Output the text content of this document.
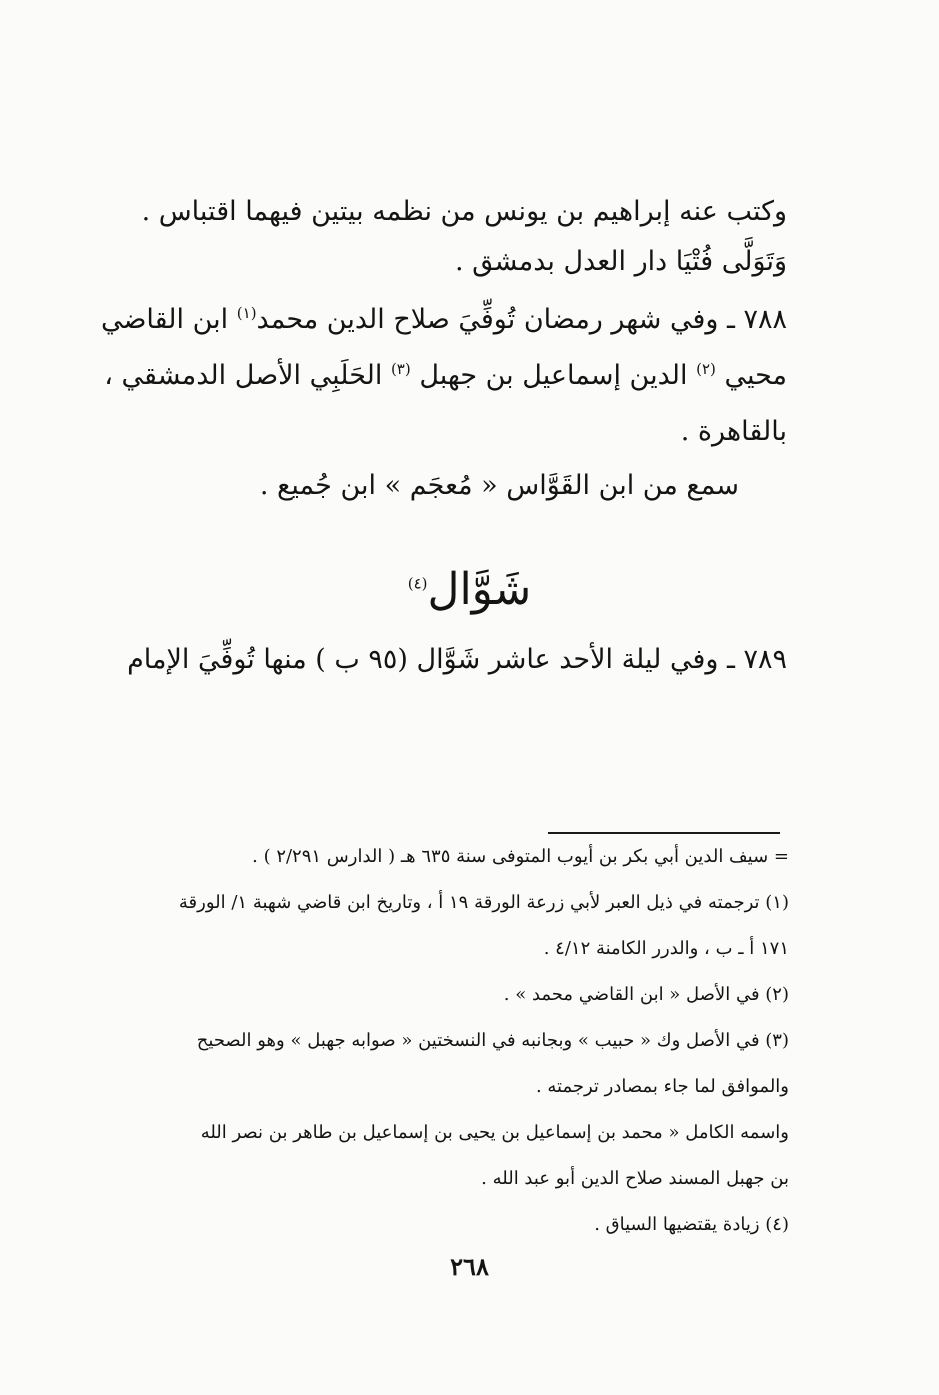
وكتب عنه إبراهيم بن يونس من نظمه بيتين فيهما اقتباس .
وَتَوَلَّى فُتْيَا دار العدل بدمشق .
٧٨٨ ـ وفي شهر رمضان تُوفِّيَ صلاح الدين محمد$^{(١)}$ ابن القاضي
محيي $^{(٢)}$ الدين إسماعيل بن جهبل $^{(٣)}$ الحَلَبِي الأصل الدمشقي ،
بالقاهرة .
سمع من ابن القَوَّاس « مُعجَم » ابن جُميع .
شَوَّال$^{(٤)}$
٧٨٩ ـ وفي ليلة الأحد عاشر شَوَّال (٩٥ ب ) منها تُوفِّيَ الإمام
= سيف الدين أبي بكر بن أيوب المتوفى سنة ٦٣٥ هـ ( الدارس ٢/٢٩١ ) .
(١) ترجمته في ذيل العبر لأبي زرعة الورقة ١٩ أ ، وتاريخ ابن قاضي شهبة ١/ الورقة
١٧١ أ ـ ب ، والدرر الكامنة ٤/١٢ .
(٢) في الأصل « ابن القاضي محمد » .
(٣) في الأصل وك « حبيب » وبجانبه في النسختين « صوابه جهبل » وهو الصحيح
والموافق لما جاء بمصادر ترجمته .
واسمه الكامل « محمد بن إسماعيل بن يحيى بن إسماعيل بن طاهر بن نصر الله
بن جهبل المسند صلاح الدين أبو عبد الله .
(٤) زيادة يقتضيها السياق .
٢٦٨
